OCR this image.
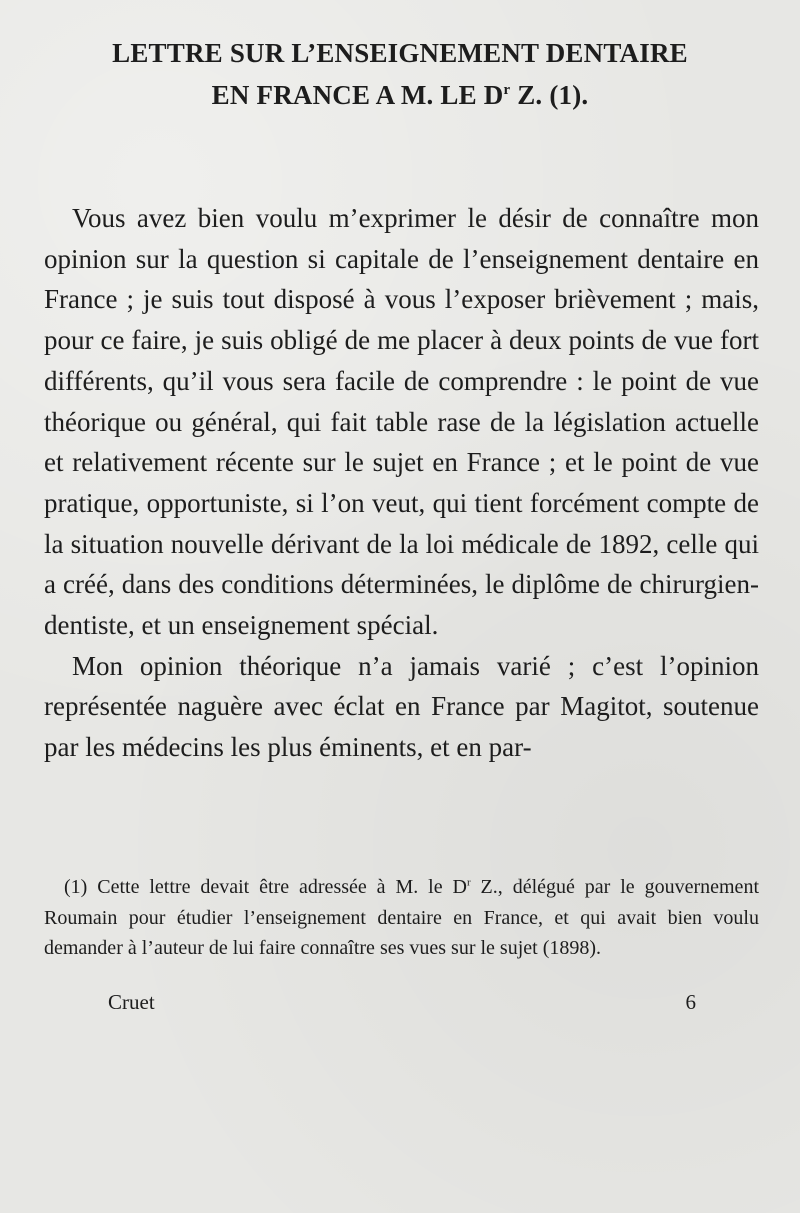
LETTRE SUR L’ENSEIGNEMENT DENTAIRE
EN FRANCE A M. LE $D^r$ Z. (1).

Vous avez bien voulu m’exprimer le désir de connaître mon opinion sur la question si capitale de l’enseignement dentaire en France ; je suis tout disposé à vous l’exposer brièvement ; mais, pour ce faire, je suis obligé de me placer à deux points de vue fort différents, qu’il vous sera facile de comprendre : le point de vue théorique ou général, qui fait table rase de la législation actuelle et relativement récente sur le sujet en France ; et le point de vue pratique, opportuniste, si l’on veut, qui tient forcément compte de la situation nouvelle dérivant de la loi médicale de 1892, celle qui a créé, dans des conditions déterminées, le diplôme de chirurgien-dentiste, et un enseignement spécial.

Mon opinion théorique n’a jamais varié ; c’est l’opinion représentée naguère avec éclat en France par Magitot, soutenue par les médecins les plus éminents, et en par-

(1) Cette lettre devait être adressée à M. le $D^r$ Z., délégué par le gouvernement Roumain pour étudier l’enseignement dentaire en France, et qui avait bien voulu demander à l’auteur de lui faire connaître ses vues sur le sujet (1898).
Cruet	6
